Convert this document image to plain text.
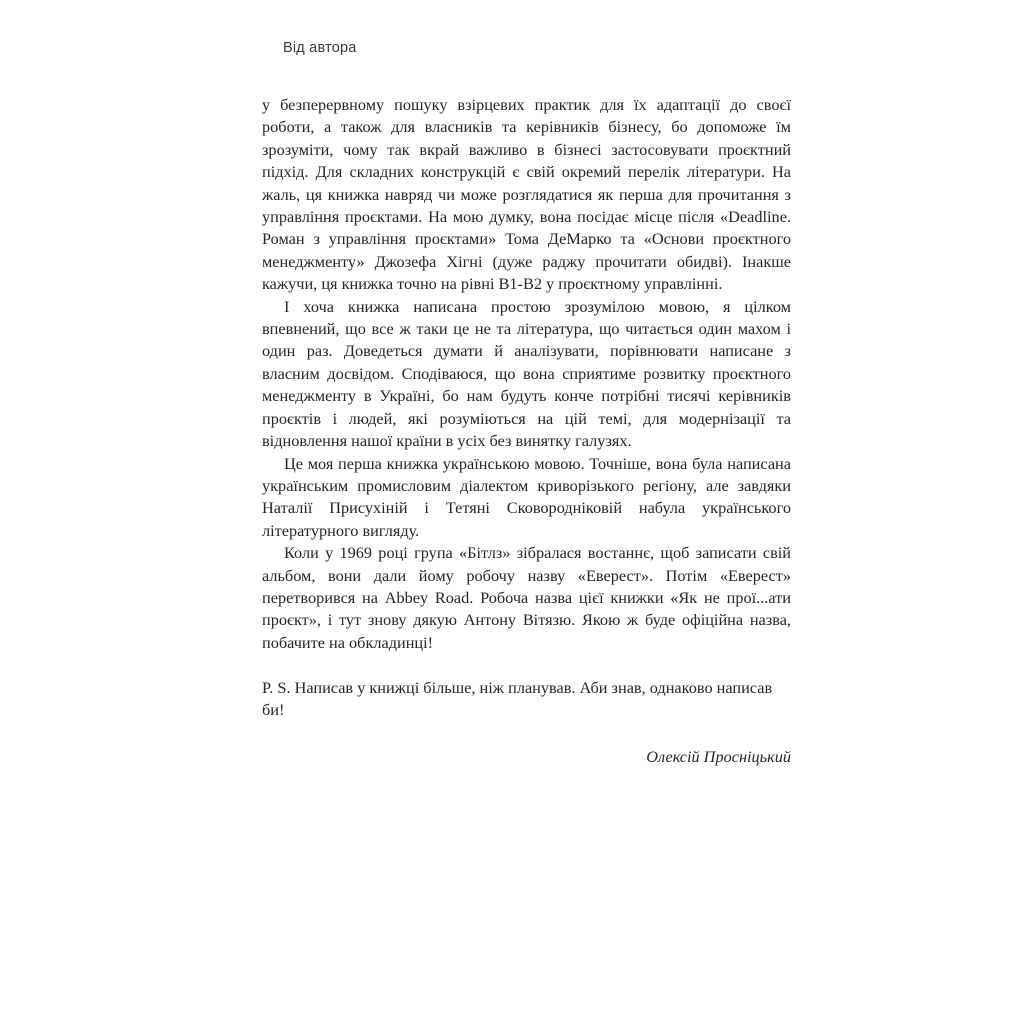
Від автора

у безперервному пошуку взірцевих практик для їх адаптації до своєї роботи, а також для власників та керівників бізнесу, бо допоможе їм зрозуміти, чому так вкрай важливо в бізнесі застосовувати проєктний підхід. Для складних конструкцій є свій окремий перелік літератури. На жаль, ця книжка навряд чи може розглядатися як перша для прочитання з управління проєктами. На мою думку, вона посідає місце після «Deadline. Роман з управління проєктами» Тома ДеМарко та «Основи проєктного менеджменту» Джозефа Хігні (дуже раджу прочитати обидві). Інакше кажучи, ця книжка точно на рівні B1-B2 у проєктному управлінні.

І хоча книжка написана простою зрозумілою мовою, я цілком впевнений, що все ж таки це не та література, що читається один махом і один раз. Доведеться думати й аналізувати, порівнювати написане з власним досвідом. Сподіваюся, що вона сприятиме розвитку проєктного менеджменту в Україні, бо нам будуть конче потрібні тисячі керівників проєктів і людей, які розуміються на цій темі, для модернізації та відновлення нашої країни в усіх без винятку галузях.

Це моя перша книжка українською мовою. Точніше, вона була написана українським промисловим діалектом криворізького регіону, але завдяки Наталії Присухіній і Тетяні Сковородніковій набула українського літературного вигляду.

Коли у 1969 році група «Бітлз» зібралася востаннє, щоб записати свій альбом, вони дали йому робочу назву «Еверест». Потім «Еверест» перетворився на Abbey Road. Робоча назва цієї книжки «Як не прої...ати проєкт», і тут знову дякую Антону Вітязю. Якою ж буде офіційна назва, побачите на обкладинці!

P. S. Написав у книжці більше, ніж планував. Аби знав, однаково написав би!

Олексій Просніцький
